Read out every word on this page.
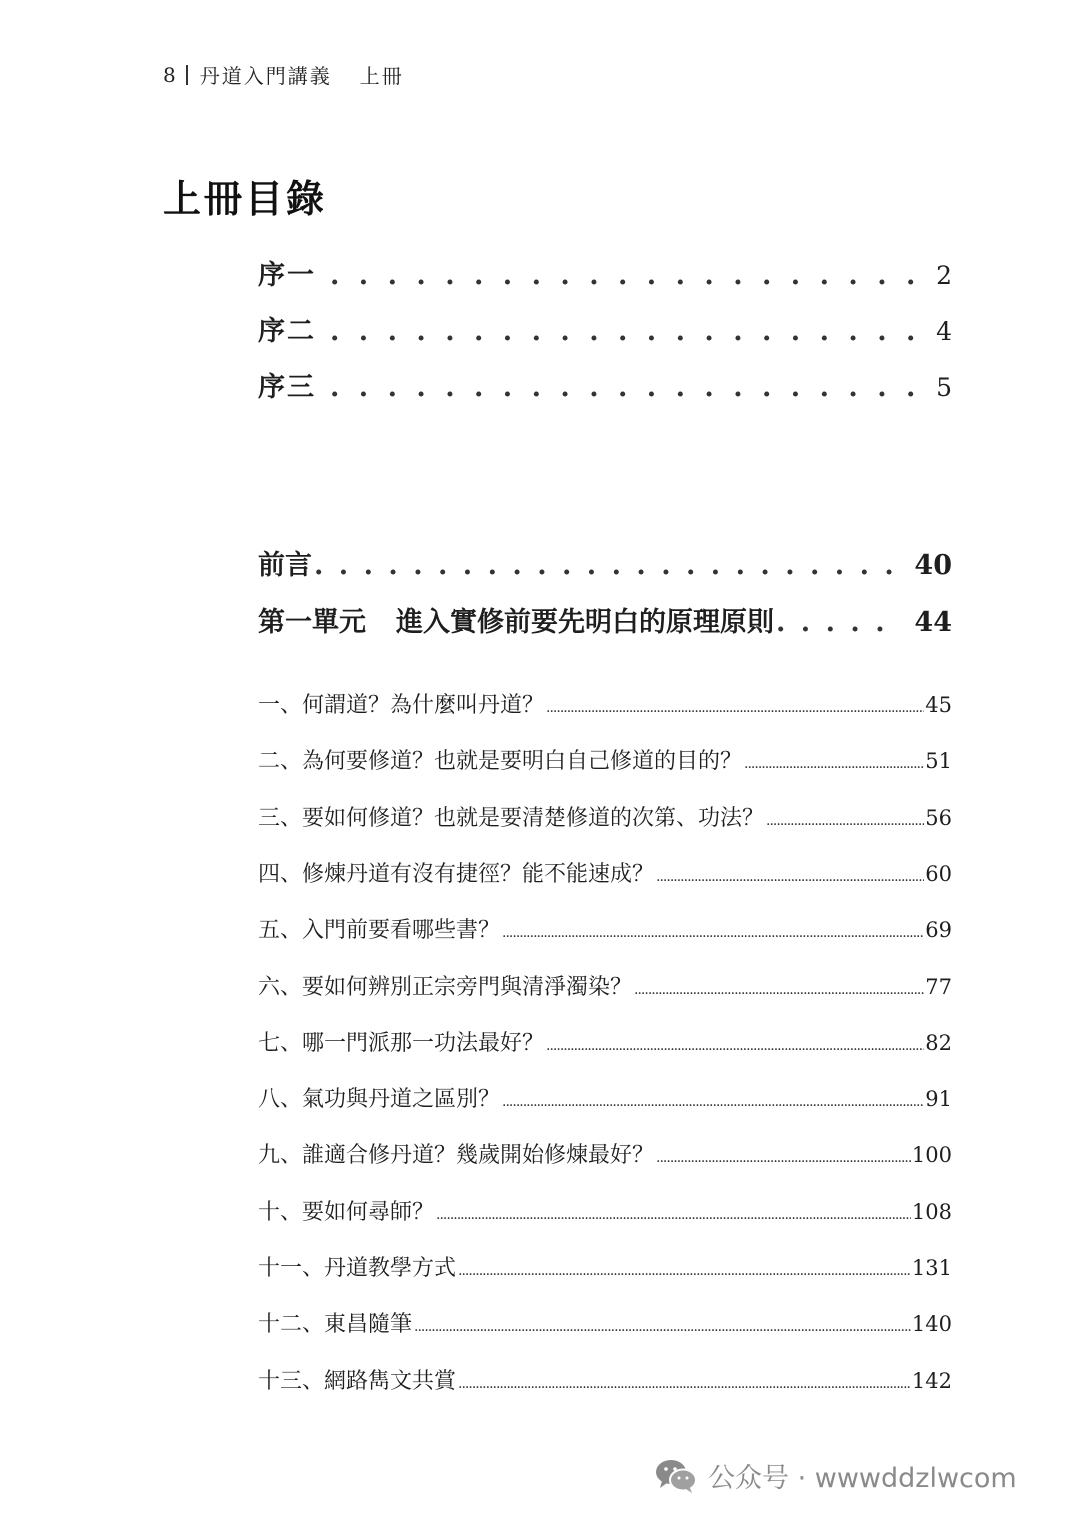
8 丹道入門講義 上冊
上冊目錄
序一 . . .	2
序二 . . .	4
序三 . . .	5
前言 . . .	40
第一單元 進入實修前要先明白的原理原則 . . .	44
一、何謂道？為什麼叫丹道？ .....	45
二、為何要修道？也就是要明白自己修道的目的？ .....	51
三、要如何修道？也就是要清楚修道的次第、功法？ .....	56
四、修煉丹道有沒有捷徑？能不能速成？ .....	60
五、入門前要看哪些書？ .....	69
六、要如何辨別正宗旁門與清淨濁染？ .....	77
七、哪一門派那一功法最好？ .....	82
八、氣功與丹道之區別？ .....	91
九、誰適合修丹道？幾歲開始修煉最好？ .....	100
十、要如何尋師？ .....	108
十一、丹道教學方式 .....	131
十二、東昌隨筆 .....	140
十三、網路雋文共賞 .....	142
公众号 · wwwddzlwcom
